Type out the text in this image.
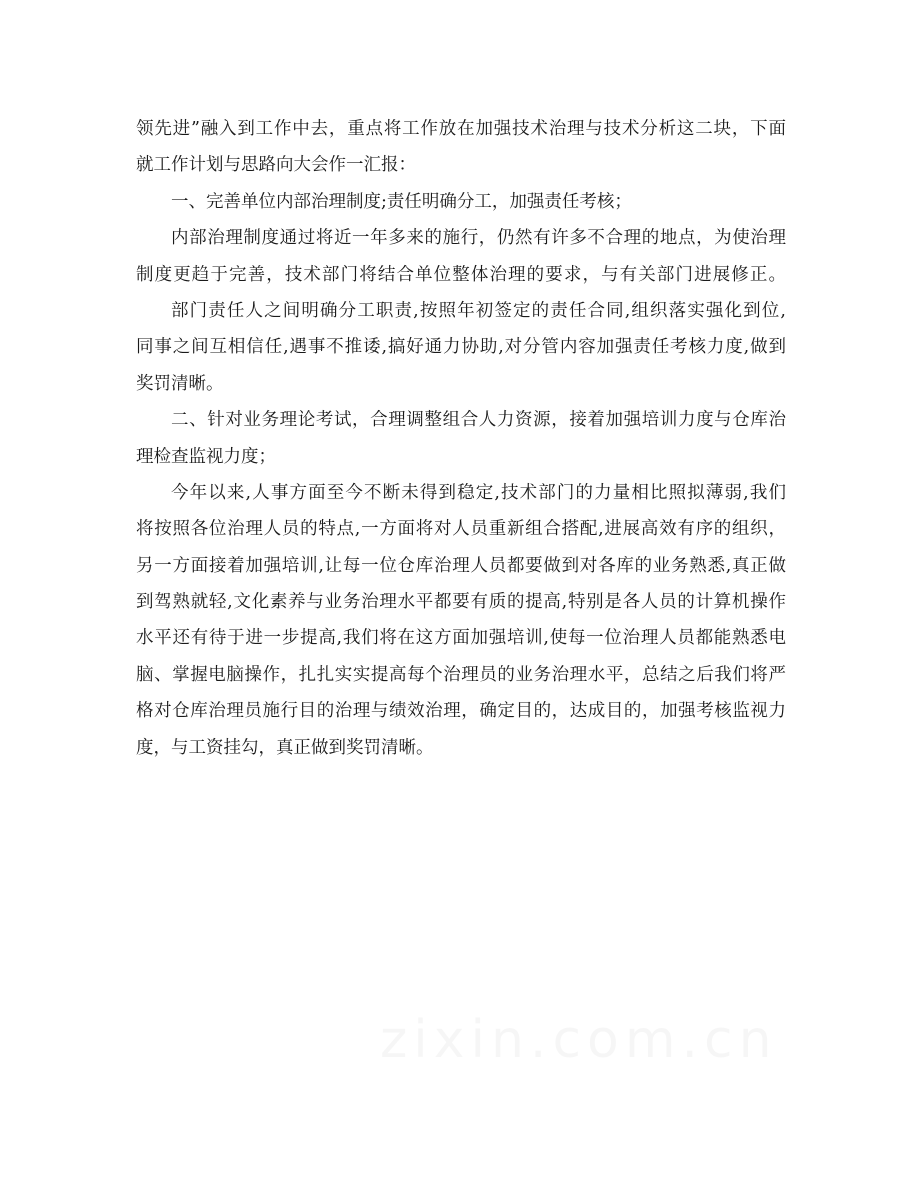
领先进”融入到工作中去，重点将工作放在加强技术治理与技术分析这二块，下面
就工作计划与思路向大会作一汇报：
一、完善单位内部治理制度;责任明确分工，加强责任考核；
内部治理制度通过将近一年多来的施行，仍然有许多不合理的地点，为使治理
制度更趋于完善，技术部门将结合单位整体治理的要求，与有关部门进展修正。
部门责任人之间明确分工职责,按照年初签定的责任合同,组织落实强化到位,
同事之间互相信任,遇事不推诿,搞好通力协助,对分管内容加强责任考核力度,做到
奖罚清晰。
二、针对业务理论考试，合理调整组合人力资源，接着加强培训力度与仓库治
理检查监视力度；
今年以来,人事方面至今不断未得到稳定,技术部门的力量相比照拟薄弱,我们
将按照各位治理人员的特点,一方面将对人员重新组合搭配,进展高效有序的组织，
另一方面接着加强培训,让每一位仓库治理人员都要做到对各库的业务熟悉,真正做
到驾熟就轻,文化素养与业务治理水平都要有质的提高,特别是各人员的计算机操作
水平还有待于进一步提高,我们将在这方面加强培训,使每一位治理人员都能熟悉电
脑、掌握电脑操作，扎扎实实提高每个治理员的业务治理水平，总结之后我们将严
格对仓库治理员施行目的治理与绩效治理，确定目的，达成目的，加强考核监视力
度，与工资挂勾，真正做到奖罚清晰。
